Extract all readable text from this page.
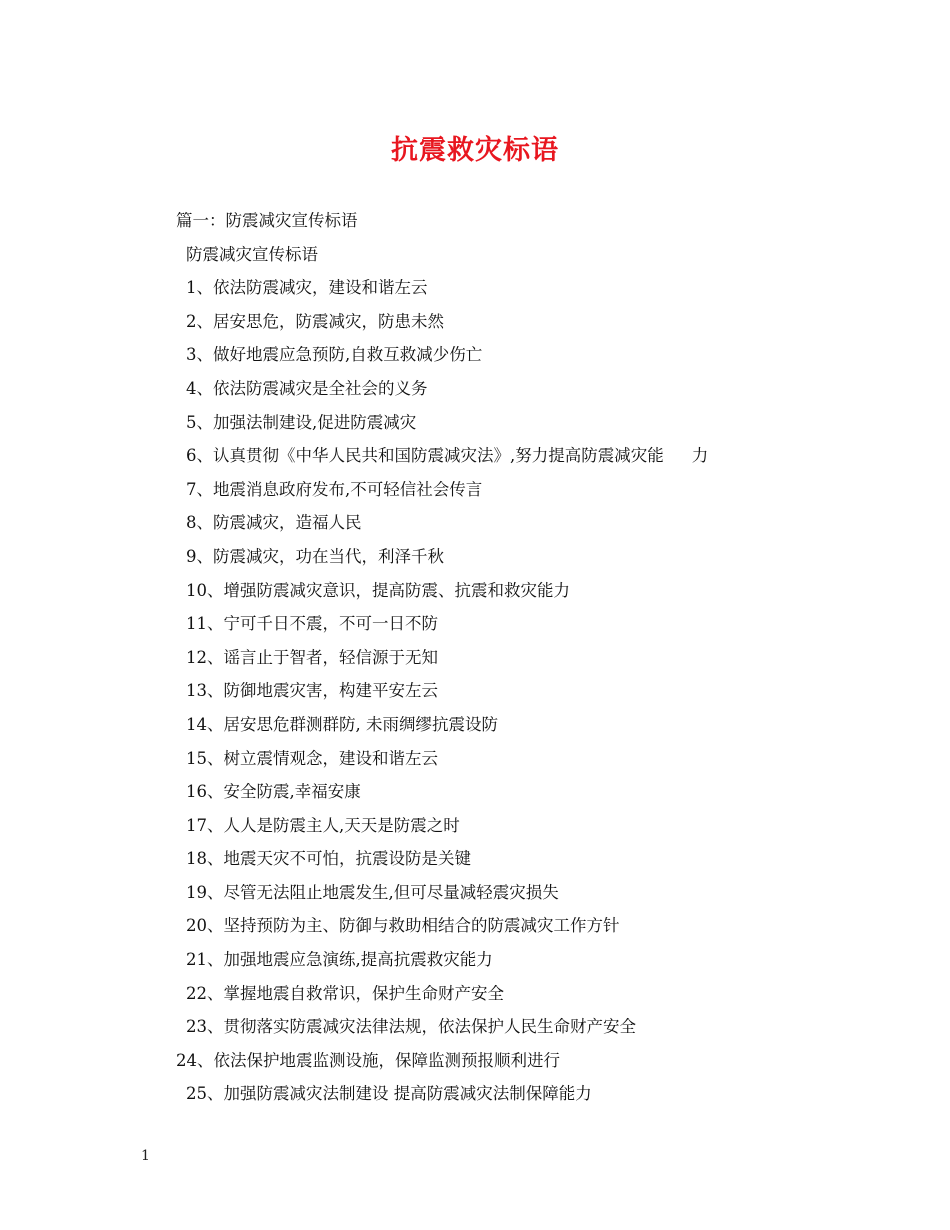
抗震救灾标语
篇一：防震减灾宣传标语
防震减灾宣传标语
1、依法防震减灾，建设和谐左云
2、居安思危，防震减灾，防患未然
3、做好地震应急预防,自救互救减少伤亡
4、依法防震减灾是全社会的义务
5、加强法制建设,促进防震减灾
6、认真贯彻《中华人民共和国防震减灾法》,努力提高防震减灾能 力
7、地震消息政府发布,不可轻信社会传言
8、防震减灾，造福人民
9、防震减灾，功在当代，利泽千秋
10、增强防震减灾意识，提高防震、抗震和救灾能力
11、宁可千日不震，不可一日不防
12、谣言止于智者，轻信源于无知
13、防御地震灾害，构建平安左云
14、居安思危群测群防, 未雨绸缪抗震设防
15、树立震情观念，建设和谐左云
16、安全防震,幸福安康
17、人人是防震主人,天天是防震之时
18、地震天灾不可怕，抗震设防是关键
19、尽管无法阻止地震发生,但可尽量减轻震灾损失
20、坚持预防为主、防御与救助相结合的防震减灾工作方针
21、加强地震应急演练,提高抗震救灾能力
22、掌握地震自救常识，保护生命财产安全
23、贯彻落实防震减灾法律法规，依法保护人民生命财产安全
24、依法保护地震监测设施，保障监测预报顺利进行
25、加强防震减灾法制建设 提高防震减灾法制保障能力
1
